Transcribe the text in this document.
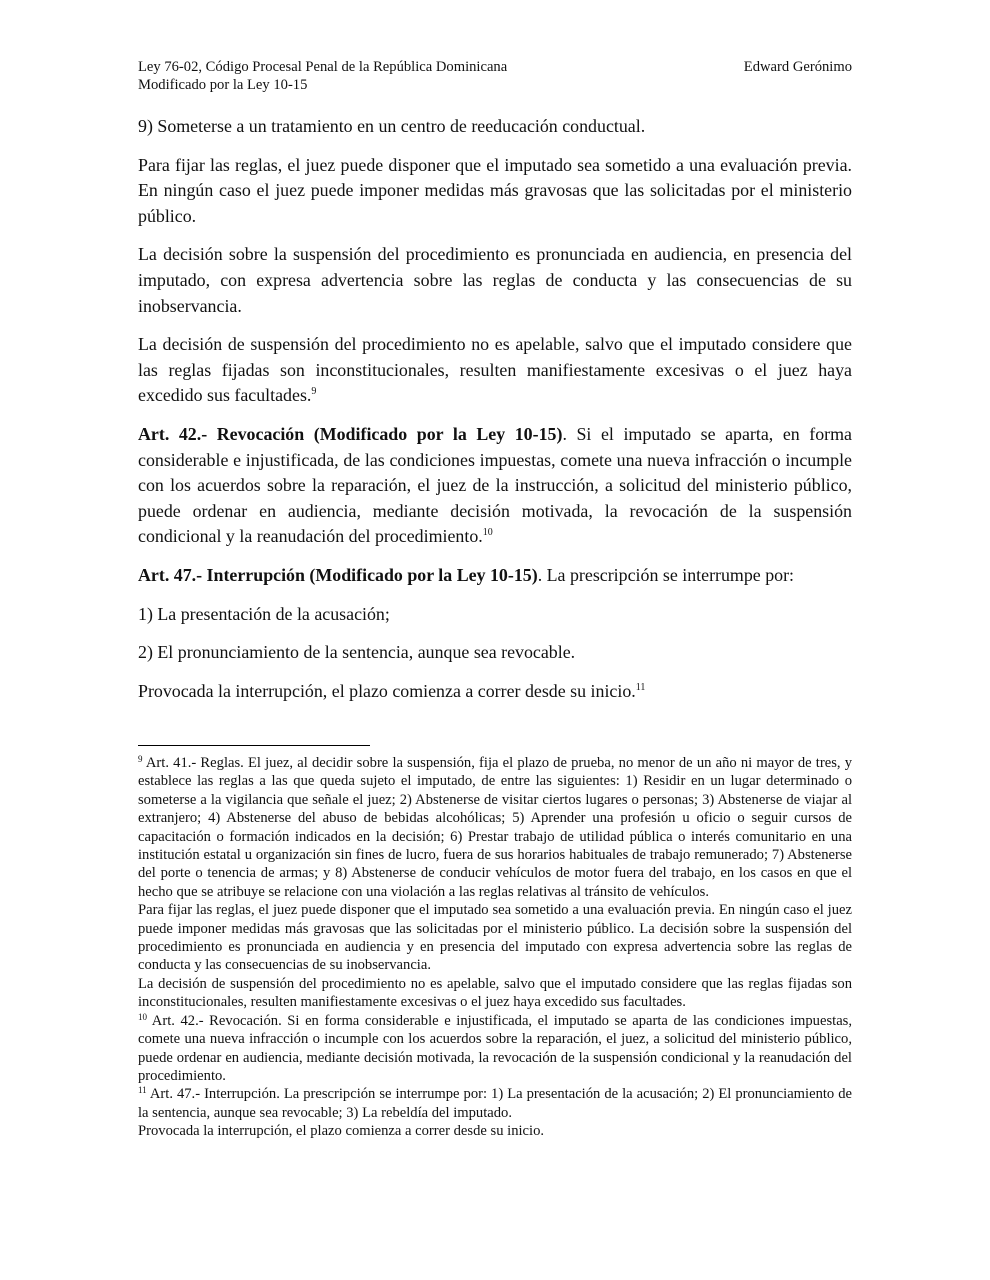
Ley 76-02, Código Procesal Penal de la República Dominicana
Modificado por la Ley 10-15
Edward Gerónimo

9) Someterse a un tratamiento en un centro de reeducación conductual.

Para fijar las reglas, el juez puede disponer que el imputado sea sometido a una evaluación previa. En ningún caso el juez puede imponer medidas más gravosas que las solicitadas por el ministerio público.

La decisión sobre la suspensión del procedimiento es pronunciada en audiencia, en presencia del imputado, con expresa advertencia sobre las reglas de conducta y las consecuencias de su inobservancia.

La decisión de suspensión del procedimiento no es apelable, salvo que el imputado considere que las reglas fijadas son inconstitucionales, resulten manifiestamente excesivas o el juez haya excedido sus facultades.$^9$

Art. 42.- Revocación (Modificado por la Ley 10-15). Si el imputado se aparta, en forma considerable e injustificada, de las condiciones impuestas, comete una nueva infracción o incumple con los acuerdos sobre la reparación, el juez de la instrucción, a solicitud del ministerio público, puede ordenar en audiencia, mediante decisión motivada, la revocación de la suspensión condicional y la reanudación del procedimiento.$^{10}$

Art. 47.- Interrupción (Modificado por la Ley 10-15). La prescripción se interrumpe por:

1) La presentación de la acusación;

2) El pronunciamiento de la sentencia, aunque sea revocable.

Provocada la interrupción, el plazo comienza a correr desde su inicio.$^{11}$

$^9$ Art. 41.- Reglas. El juez, al decidir sobre la suspensión, fija el plazo de prueba, no menor de un año ni mayor de tres, y establece las reglas a las que queda sujeto el imputado, de entre las siguientes: 1) Residir en un lugar determinado o someterse a la vigilancia que señale el juez; 2) Abstenerse de visitar ciertos lugares o personas; 3) Abstenerse de viajar al extranjero; 4) Abstenerse del abuso de bebidas alcohólicas; 5) Aprender una profesión u oficio o seguir cursos de capacitación o formación indicados en la decisión; 6) Prestar trabajo de utilidad pública o interés comunitario en una institución estatal u organización sin fines de lucro, fuera de sus horarios habituales de trabajo remunerado; 7) Abstenerse del porte o tenencia de armas; y 8) Abstenerse de conducir vehículos de motor fuera del trabajo, en los casos en que el hecho que se atribuye se relacione con una violación a las reglas relativas al tránsito de vehículos.

Para fijar las reglas, el juez puede disponer que el imputado sea sometido a una evaluación previa. En ningún caso el juez puede imponer medidas más gravosas que las solicitadas por el ministerio público. La decisión sobre la suspensión del procedimiento es pronunciada en audiencia y en presencia del imputado con expresa advertencia sobre las reglas de conducta y las consecuencias de su inobservancia.

La decisión de suspensión del procedimiento no es apelable, salvo que el imputado considere que las reglas fijadas son inconstitucionales, resulten manifiestamente excesivas o el juez haya excedido sus facultades.

$^{10}$ Art. 42.- Revocación. Si en forma considerable e injustificada, el imputado se aparta de las condiciones impuestas, comete una nueva infracción o incumple con los acuerdos sobre la reparación, el juez, a solicitud del ministerio público, puede ordenar en audiencia, mediante decisión motivada, la revocación de la suspensión condicional y la reanudación del procedimiento.

$^{11}$ Art. 47.- Interrupción. La prescripción se interrumpe por: 1) La presentación de la acusación; 2) El pronunciamiento de la sentencia, aunque sea revocable; 3) La rebeldía del imputado.

Provocada la interrupción, el plazo comienza a correr desde su inicio.
